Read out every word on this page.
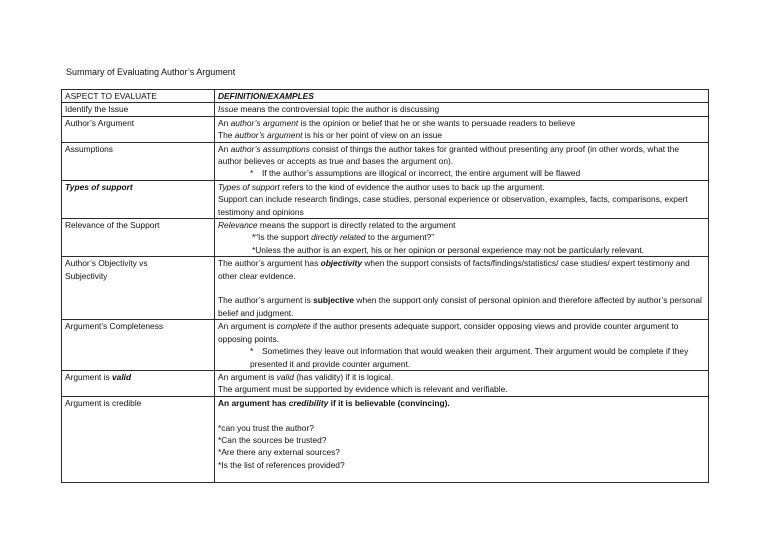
Summary of Evaluating Author’s Argument
ASPECT TO EVALUATE	DEFINITION/EXAMPLES
Identify the Issue	Issue means the controversial topic the author is discussing

Author’s Argument	An author’s argument is the opinion or belief that he or she wants to persuade readers to believe
The author’s argument is his or her point of view on an issue

Assumptions	An author’s assumptions consist of things the author takes for granted without presenting any proof (in other words, what the author believes or accepts as true and bases the argument on).
* If the author’s assumptions are illogical or incorrect, the entire argument will be flawed

Types of support	Types of support refers to the kind of evidence the author uses to back up the argument.
Support can include research findings, case studies, personal experience or observation, examples, facts, comparisons, expert testimony and opinions

Relevance of the Support	Relevance means the support is directly related to the argument
*“Is the support directly related to the argument?”
*Unless the author is an expert, his or her opinion or personal experience may not be particularly relevant.

Author’s Objectivity vs Subjectivity	The author’s argument has objectivity when the support consists of facts/findings/statistics/ case studies/ expert testimony and other clear evidence.
The author’s argument is subjective when the support only consist of personal opinion and therefore affected by author’s personal belief and judgment.

Argument’s Completeness	An argument is complete if the author presents adequate support, consider opposing views and provide counter argument to opposing points.
* Sometimes they leave out information that would weaken their argument. Their argument would be complete if they presented it and provide counter argument.

Argument is valid	An argument is valid (has validity) if it is logical.
The argument must be supported by evidence which is relevant and verifiable.

Argument is credible	An argument has credibility if it is believable (convincing).
*can you trust the author?
*Can the sources be trusted?
*Are there any external sources?
*Is the list of references provided?
